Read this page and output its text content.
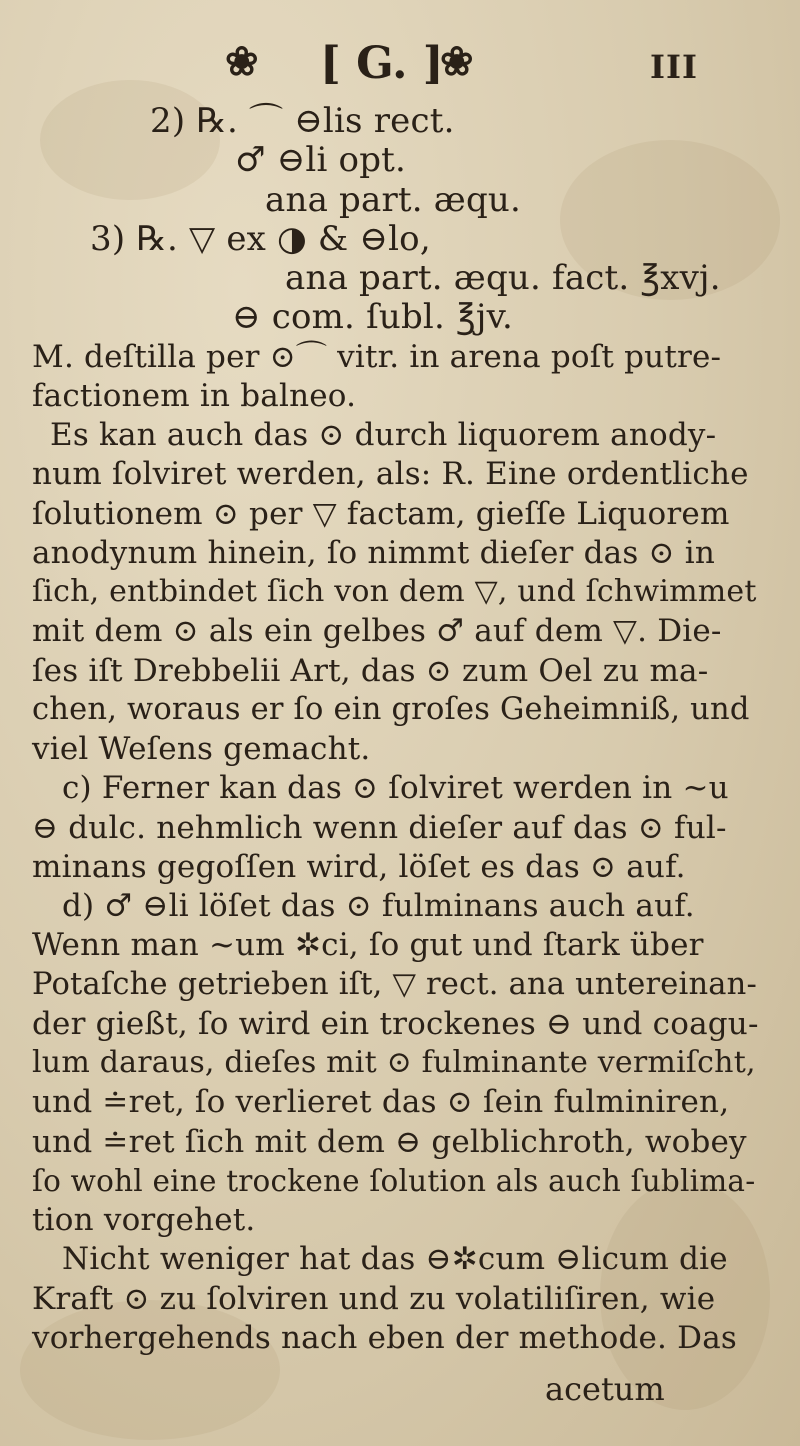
❀ [ G. ]
❀	III
2) ℞. ⌒ ⊖lis rect.
♂ ⊖li opt.
ana part. æqu.
3) ℞. ▽ ex ◑ & ⊖lo,
ana part. æqu. fact. ℥xvj.
⊖ com. ſubl. ℥jv.
M. deſtilla per ⊙⌒ vitr. in arena poſt putre-
factionem in balneo.
Es kan auch das ⊙ durch liquorem anody-
num ſolviret werden, als: R. Eine ordentliche
ſolutionem ⊙ per ▽ factam, gieſſe Liquorem
anodynum hinein, ſo nimmt dieſer das ⊙ in
ſich, entbindet ſich von dem ▽, und ſchwimmet
mit dem ⊙ als ein gelbes ♂ auf dem ▽. Die-
ſes iſt Drebbelii Art, das ⊙ zum Oel zu ma-
chen, woraus er ſo ein groſes Geheimniß, und
viel Weſens gemacht.
c) Ferner kan das ⊙ ſolviret werden in ~u
⊖ dulc. nehmlich wenn dieſer auf das ⊙ ful-
minans gegoſſen wird, löſet es das ⊙ auf.
d) ♂ ⊖li löſet das ⊙ fulminans auch auf.
Wenn man ~um ✲ci, ſo gut und ſtark über
Potaſche getrieben iſt, ▽ rect. ana untereinan-
der gießt, ſo wird ein trockenes ⊖ und coagu-
lum daraus, dieſes mit ⊙ fulminante vermiſcht,
und ≐ret, ſo verlieret das ⊙ ſein fulminiren,
und ≐ret ſich mit dem ⊖ gelblichroth, wobey
ſo wohl eine trockene ſolution als auch ſublima-
tion vorgehet.
Nicht weniger hat das ⊖✲cum ⊖licum die
Kraft ⊙ zu ſolviren und zu volatiliſiren, wie
vorhergehends nach eben der methode. Das
acetum
